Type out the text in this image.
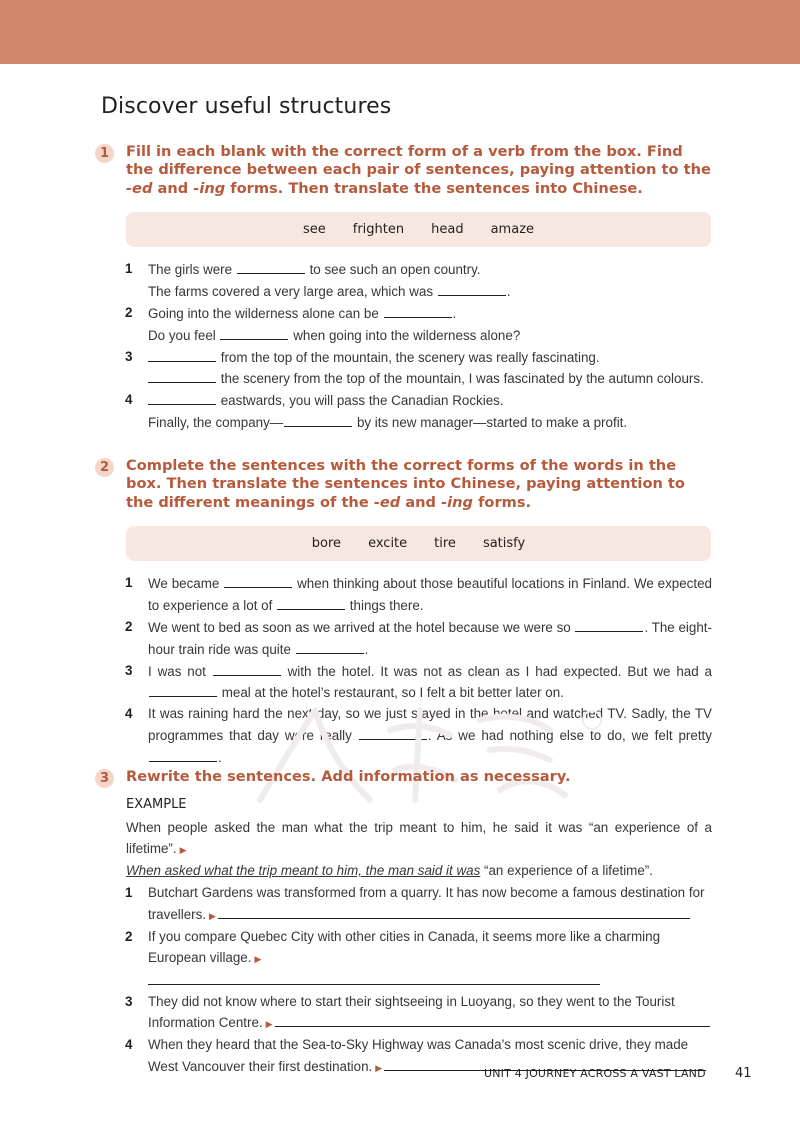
Discover useful structures
1	Fill in each blank with the correct form of a verb from the box. Find the difference between each pair of sentences, paying attention to the -ed and -ing forms. Then translate the sentences into Chinese.

see frighten head amaze
1 The girls were	to see such an open country.
The farms covered a very large area, which was	.
2 Going into the wilderness alone can be	.
Do you feel	when going into the wilderness alone?
3	from the top of the mountain, the scenery was really fascinating.
the scenery from the top of the mountain, I was fascinated by the autumn colours.
4	eastwards, you will pass the Canadian Rockies.
Finally, the company—	by its new manager—started to make a profit.
2	Complete the sentences with the correct forms of the words in the box. Then translate the sentences into Chinese, paying attention to the different meanings of the -ed and -ing forms.

bore excite tire satisfy
1 We became	when thinking about those beautiful locations in Finland. We expected to experience a lot of	things there.
2 We went to bed as soon as we arrived at the hotel because we were so	. The eight-hour train ride was quite	.
3 I was not	with the hotel. It was not as clean as I had expected. But we had a  meal at the hotel’s restaurant, so I felt a bit better later on.
4 It was raining hard the next day, so we just stayed in the hotel and watched TV. Sadly, the TV programmes that day were really	. As we had nothing else to do, we felt pretty .
3	Rewrite the sentences. Add information as necessary.

EXAMPLE
When people asked the man what the trip meant to him, he said it was “an experience of a lifetime”. ▶
When asked what the trip meant to him, the man said it was “an experience of a lifetime”.
1 Butchart Gardens was transformed from a quarry. It has now become a famous destination for travellers. ▶
2 If you compare Quebec City with other cities in Canada, it seems more like a charming European village. ▶
3 They did not know where to start their sightseeing in Luoyang, so they went to the Tourist Information Centre. ▶
4 When they heard that the Sea-to-Sky Highway was Canada’s most scenic drive, they made West Vancouver their first destination. ▶	UNIT 4 JOURNEY ACROSS A VAST LAND 41
